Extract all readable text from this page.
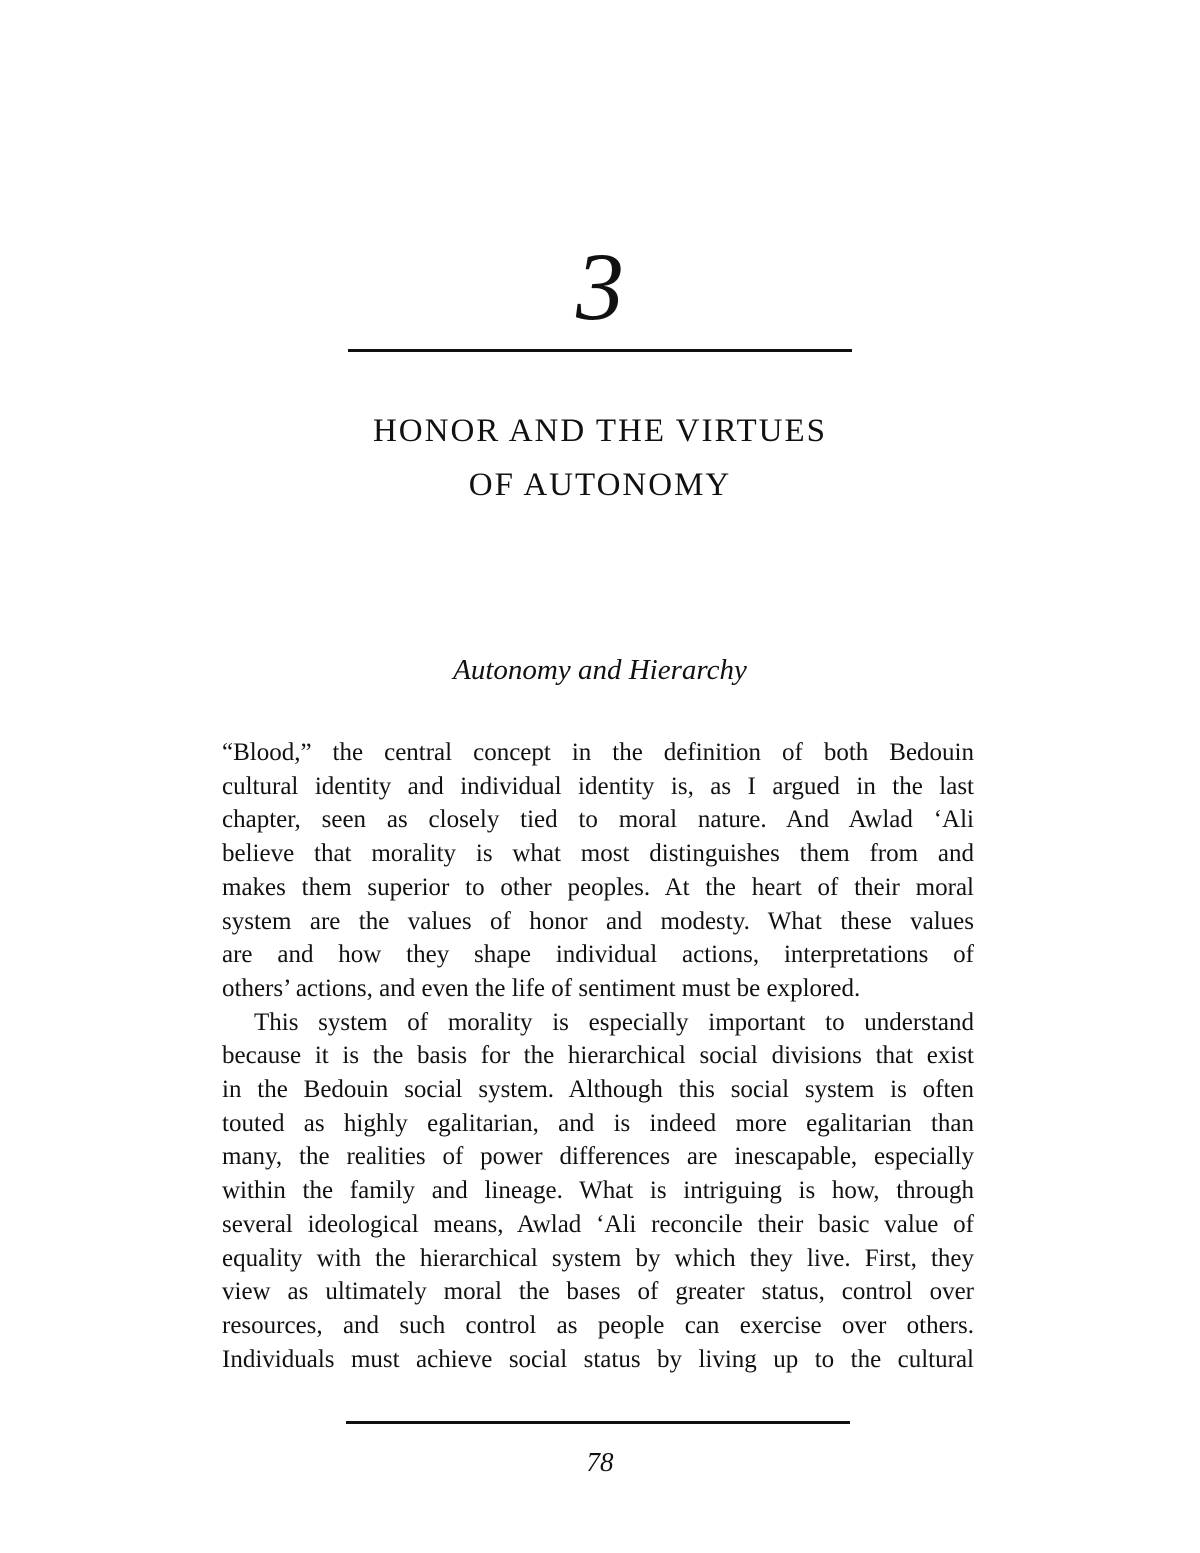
3
HONOR AND THE VIRTUES
OF AUTONOMY
Autonomy and Hierarchy
“Blood,” the central concept in the definition of both Bedouin
cultural identity and individual identity is, as I argued in the last
chapter, seen as closely tied to moral nature. And Awlad ‘Ali
believe that morality is what most distinguishes them from and
makes them superior to other peoples. At the heart of their moral
system are the values of honor and modesty. What these values
are and how they shape individual actions, interpretations of
others’ actions, and even the life of sentiment must be explored.
This system of morality is especially important to understand
because it is the basis for the hierarchical social divisions that exist
in the Bedouin social system. Although this social system is often
touted as highly egalitarian, and is indeed more egalitarian than
many, the realities of power differences are inescapable, especially
within the family and lineage. What is intriguing is how, through
several ideological means, Awlad ‘Ali reconcile their basic value of
equality with the hierarchical system by which they live. First, they
view as ultimately moral the bases of greater status, control over
resources, and such control as people can exercise over others.
Individuals must achieve social status by living up to the cultural
78
